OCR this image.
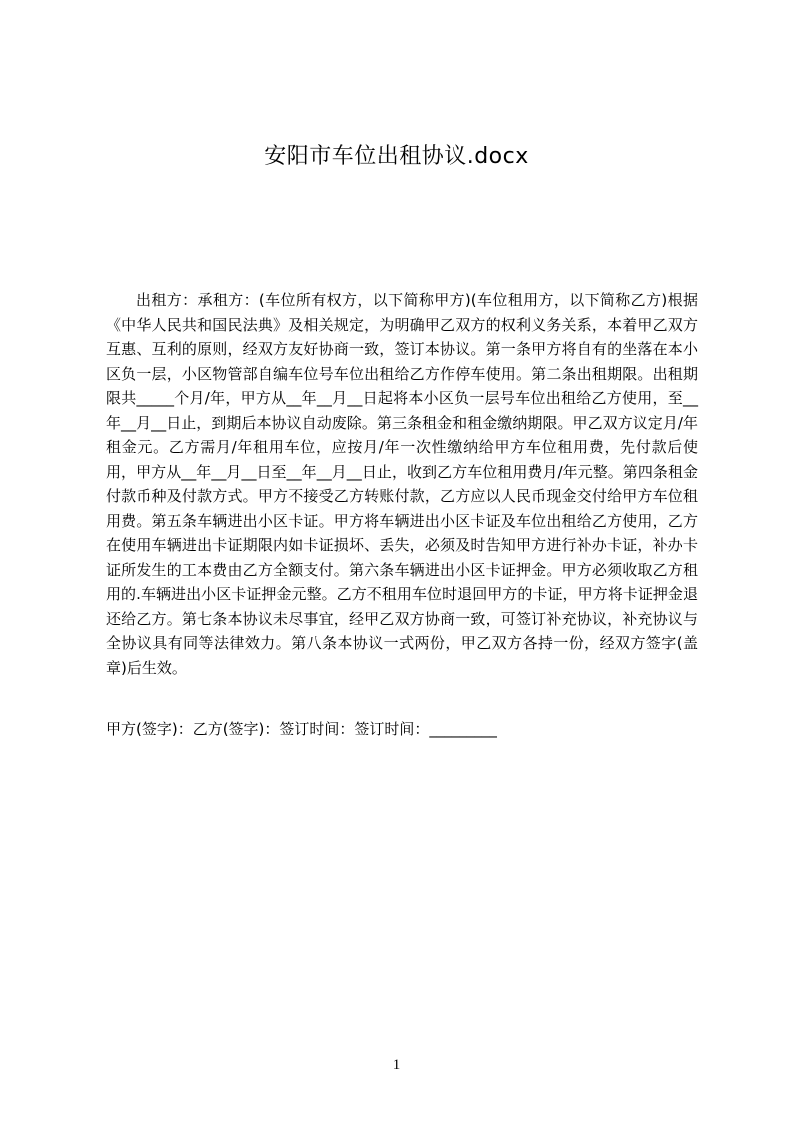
安阳市车位出租协议.docx

出租方：承租方：(车位所有权方，以下简称甲方)(车位租用方，以下简称乙方)根据《中华人民共和国民法典》及相关规定，为明确甲乙双方的权利义务关系，本着甲乙双方互惠、互利的原则，经双方友好协商一致，签订本协议。第一条甲方将自有的坐落在本小区负一层，小区物管部自编车位号车位出租给乙方作停车使用。第二条出租期限。出租期限共_____个月/年，甲方从__年__月__日起将本小区负一层号车位出租给乙方使用，至__年__月__日止，到期后本协议自动废除。第三条租金和租金缴纳期限。甲乙双方议定月/年租金元。乙方需月/年租用车位，应按月/年一次性缴纳给甲方车位租用费，先付款后使用，甲方从__年__月__日至__年__月__日止，收到乙方车位租用费月/年元整。第四条租金付款币种及付款方式。甲方不接受乙方转账付款，乙方应以人民币现金交付给甲方车位租用费。第五条车辆进出小区卡证。甲方将车辆进出小区卡证及车位出租给乙方使用，乙方在使用车辆进出卡证期限内如卡证损坏、丢失，必须及时告知甲方进行补办卡证，补办卡证所发生的工本费由乙方全额支付。第六条车辆进出小区卡证押金。甲方必须收取乙方租用的.车辆进出小区卡证押金元整。乙方不租用车位时退回甲方的卡证，甲方将卡证押金退还给乙方。第七条本协议未尽事宜，经甲乙双方协商一致，可签订补充协议，补充协议与全协议具有同等法律效力。第八条本协议一式两份，甲乙双方各持一份，经双方签字(盖章)后生效。

甲方(签字)：乙方(签字)：签订时间：签订时间：_________
1
